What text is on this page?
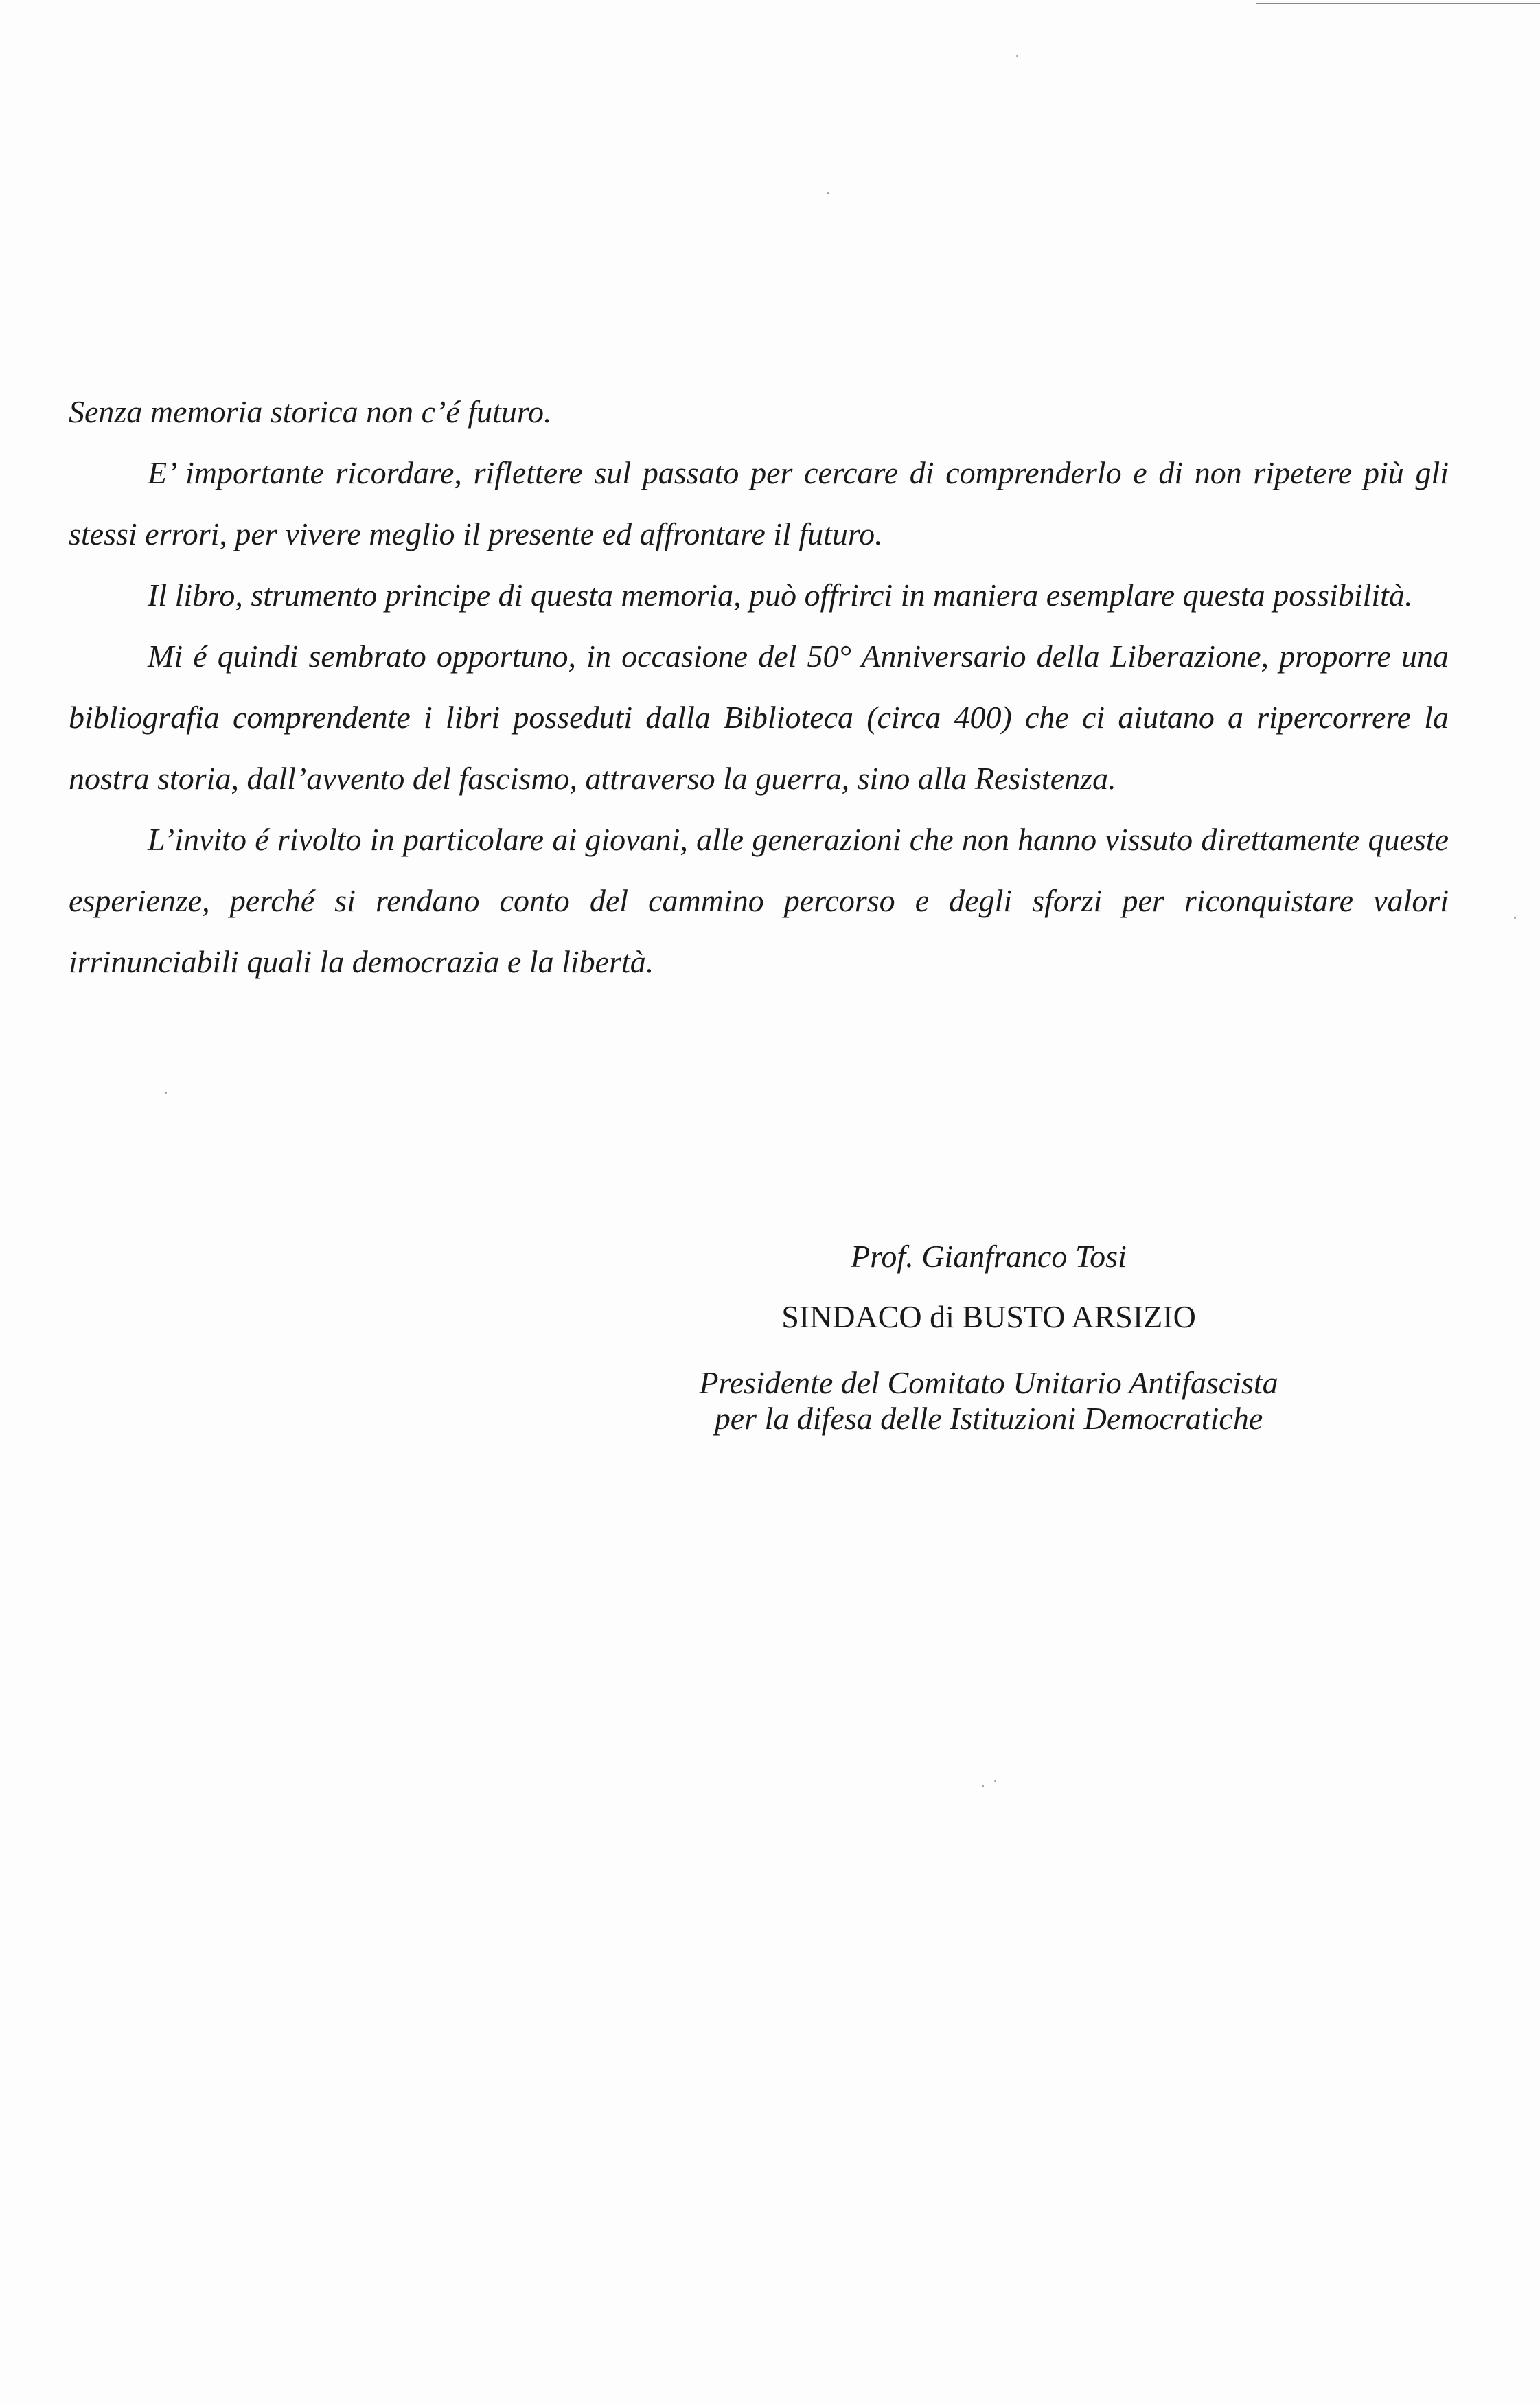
Senza memoria storica non c’é futuro.

E’ importante ricordare, riflettere sul passato per cercare di comprenderlo e di non ripetere più gli stessi errori, per vivere meglio il presente ed affrontare il futuro.

Il libro, strumento principe di questa memoria, può offrirci in maniera esemplare questa possibilità.

Mi é quindi sembrato opportuno, in occasione del 50° Anniversario della Liberazione, proporre una bibliografia comprendente i libri posseduti dalla Biblioteca (circa 400) che ci aiutano a ripercorrere la nostra storia, dall’avvento del fascismo, attraverso la guerra, sino alla Resistenza.

L’invito é rivolto in particolare ai giovani, alle generazioni che non hanno vissuto direttamente queste esperienze, perché si rendano conto del cammino percorso e degli sforzi per riconquistare valori irrinunciabili quali la democrazia e la libertà.

Prof. Gianfranco Tosi
SINDACO di BUSTO ARSIZIO
Presidente del Comitato Unitario Antifascista
per la difesa delle Istituzioni Democratiche
